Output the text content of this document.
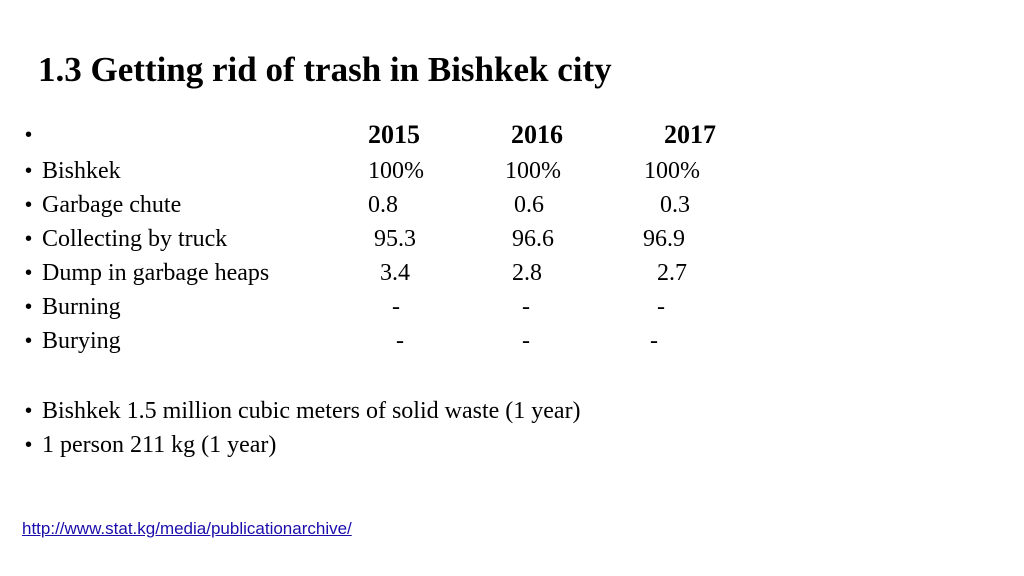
1.3 Getting rid of trash in Bishkek city
•	2015	2016	2017
• Bishkek	100%	100%	100%
• Garbage chute	0.8	0.6	0.3
• Collecting by truck	95.3	96.6	96.9
• Dump in garbage heaps	3.4	2.8	2.7
• Burning	-	-	-
• Burying	-	-	-
• Bishkek 1.5 million cubic meters of solid waste (1 year)
• 1 person 211 kg (1 year)
http://www.stat.kg/media/publicationarchive/
